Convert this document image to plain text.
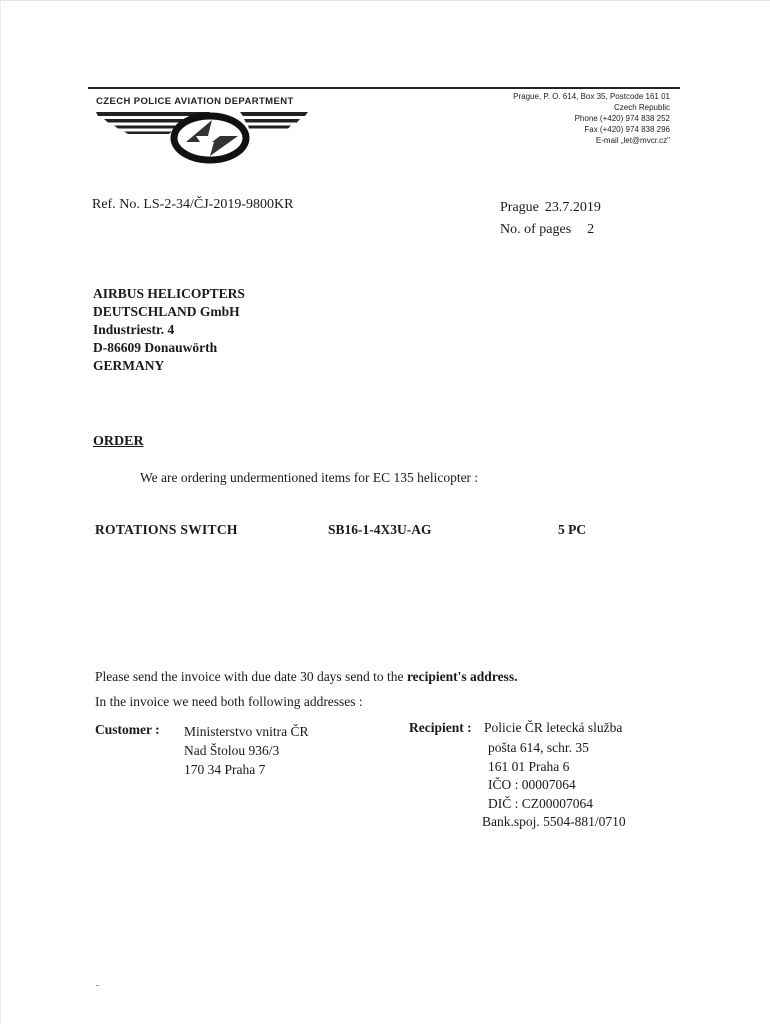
CZECH POLICE AVIATION DEPARTMENT	Prague, P. O. 614, Box 35, Postcode 161 01
Czech Republic
Phone (+420) 974 838 252
Fax (+420) 974 838 296
E-mail „let@mvcr.cz"
Ref. No. LS-2-34/ČJ-2019-9800KR	Prague 23.7.2019
No. of pages 2
AIRBUS HELICOPTERS
DEUTSCHLAND GmbH
Industriestr. 4
D-86609 Donauwörth
GERMANY
ORDER
We are ordering undermentioned items for EC 135 helicopter :
ROTATIONS SWITCH	SB16-1-4X3U-AG	5 PC
Please send the invoice with due date 30 days send to the recipient's address.
In the invoice we need both following addresses :
Customer : Ministerstvo vnitra ČR
Nad Štolou 936/3
170 34 Praha 7
Recipient : Policie ČR letecká služba
pošta 614, schr. 35
161 01 Praha 6
IČO : 00007064
DIČ : CZ00007064
Bank.spoj. 5504-881/0710
